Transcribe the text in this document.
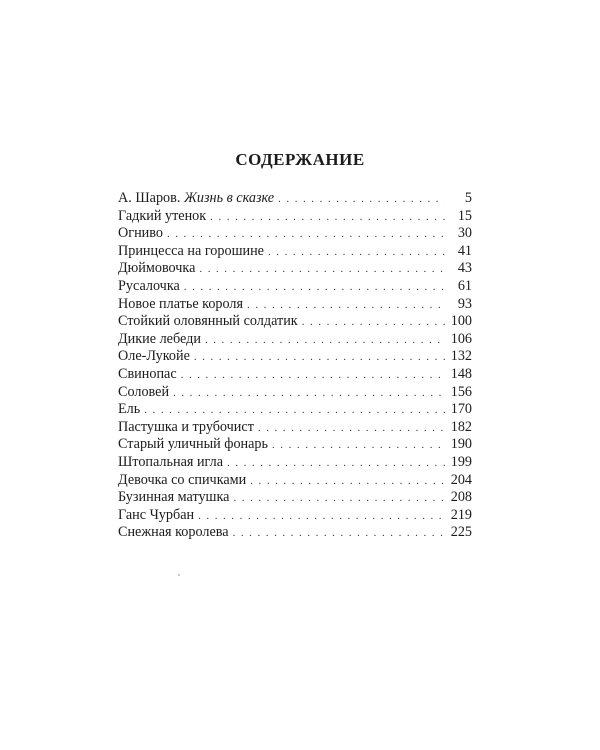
СОДЕРЖАНИЕ
А. Шаров. Жизнь в сказке . . .	5
Гадкий утенок . . .	15
Огниво . . .	30
Принцесса на горошине . . .	41
Дюймовочка . . .	43
Русалочка . . .	61
Новое платье короля . . .	93
Стойкий оловянный солдатик . . .	100
Дикие лебеди . . .	106
Оле-Лукойе . . .	132
Свинопас . . .	148
Соловей . . .	156
Ель . . .	170
Пастушка и трубочист . . .	182
Старый уличный фонарь . . .	190
Штопальная игла . . .	199
Девочка со спичками . . .	204
Бузинная матушка . . .	208
Ганс Чурбан . . .	219
Снежная королева . . .	225
